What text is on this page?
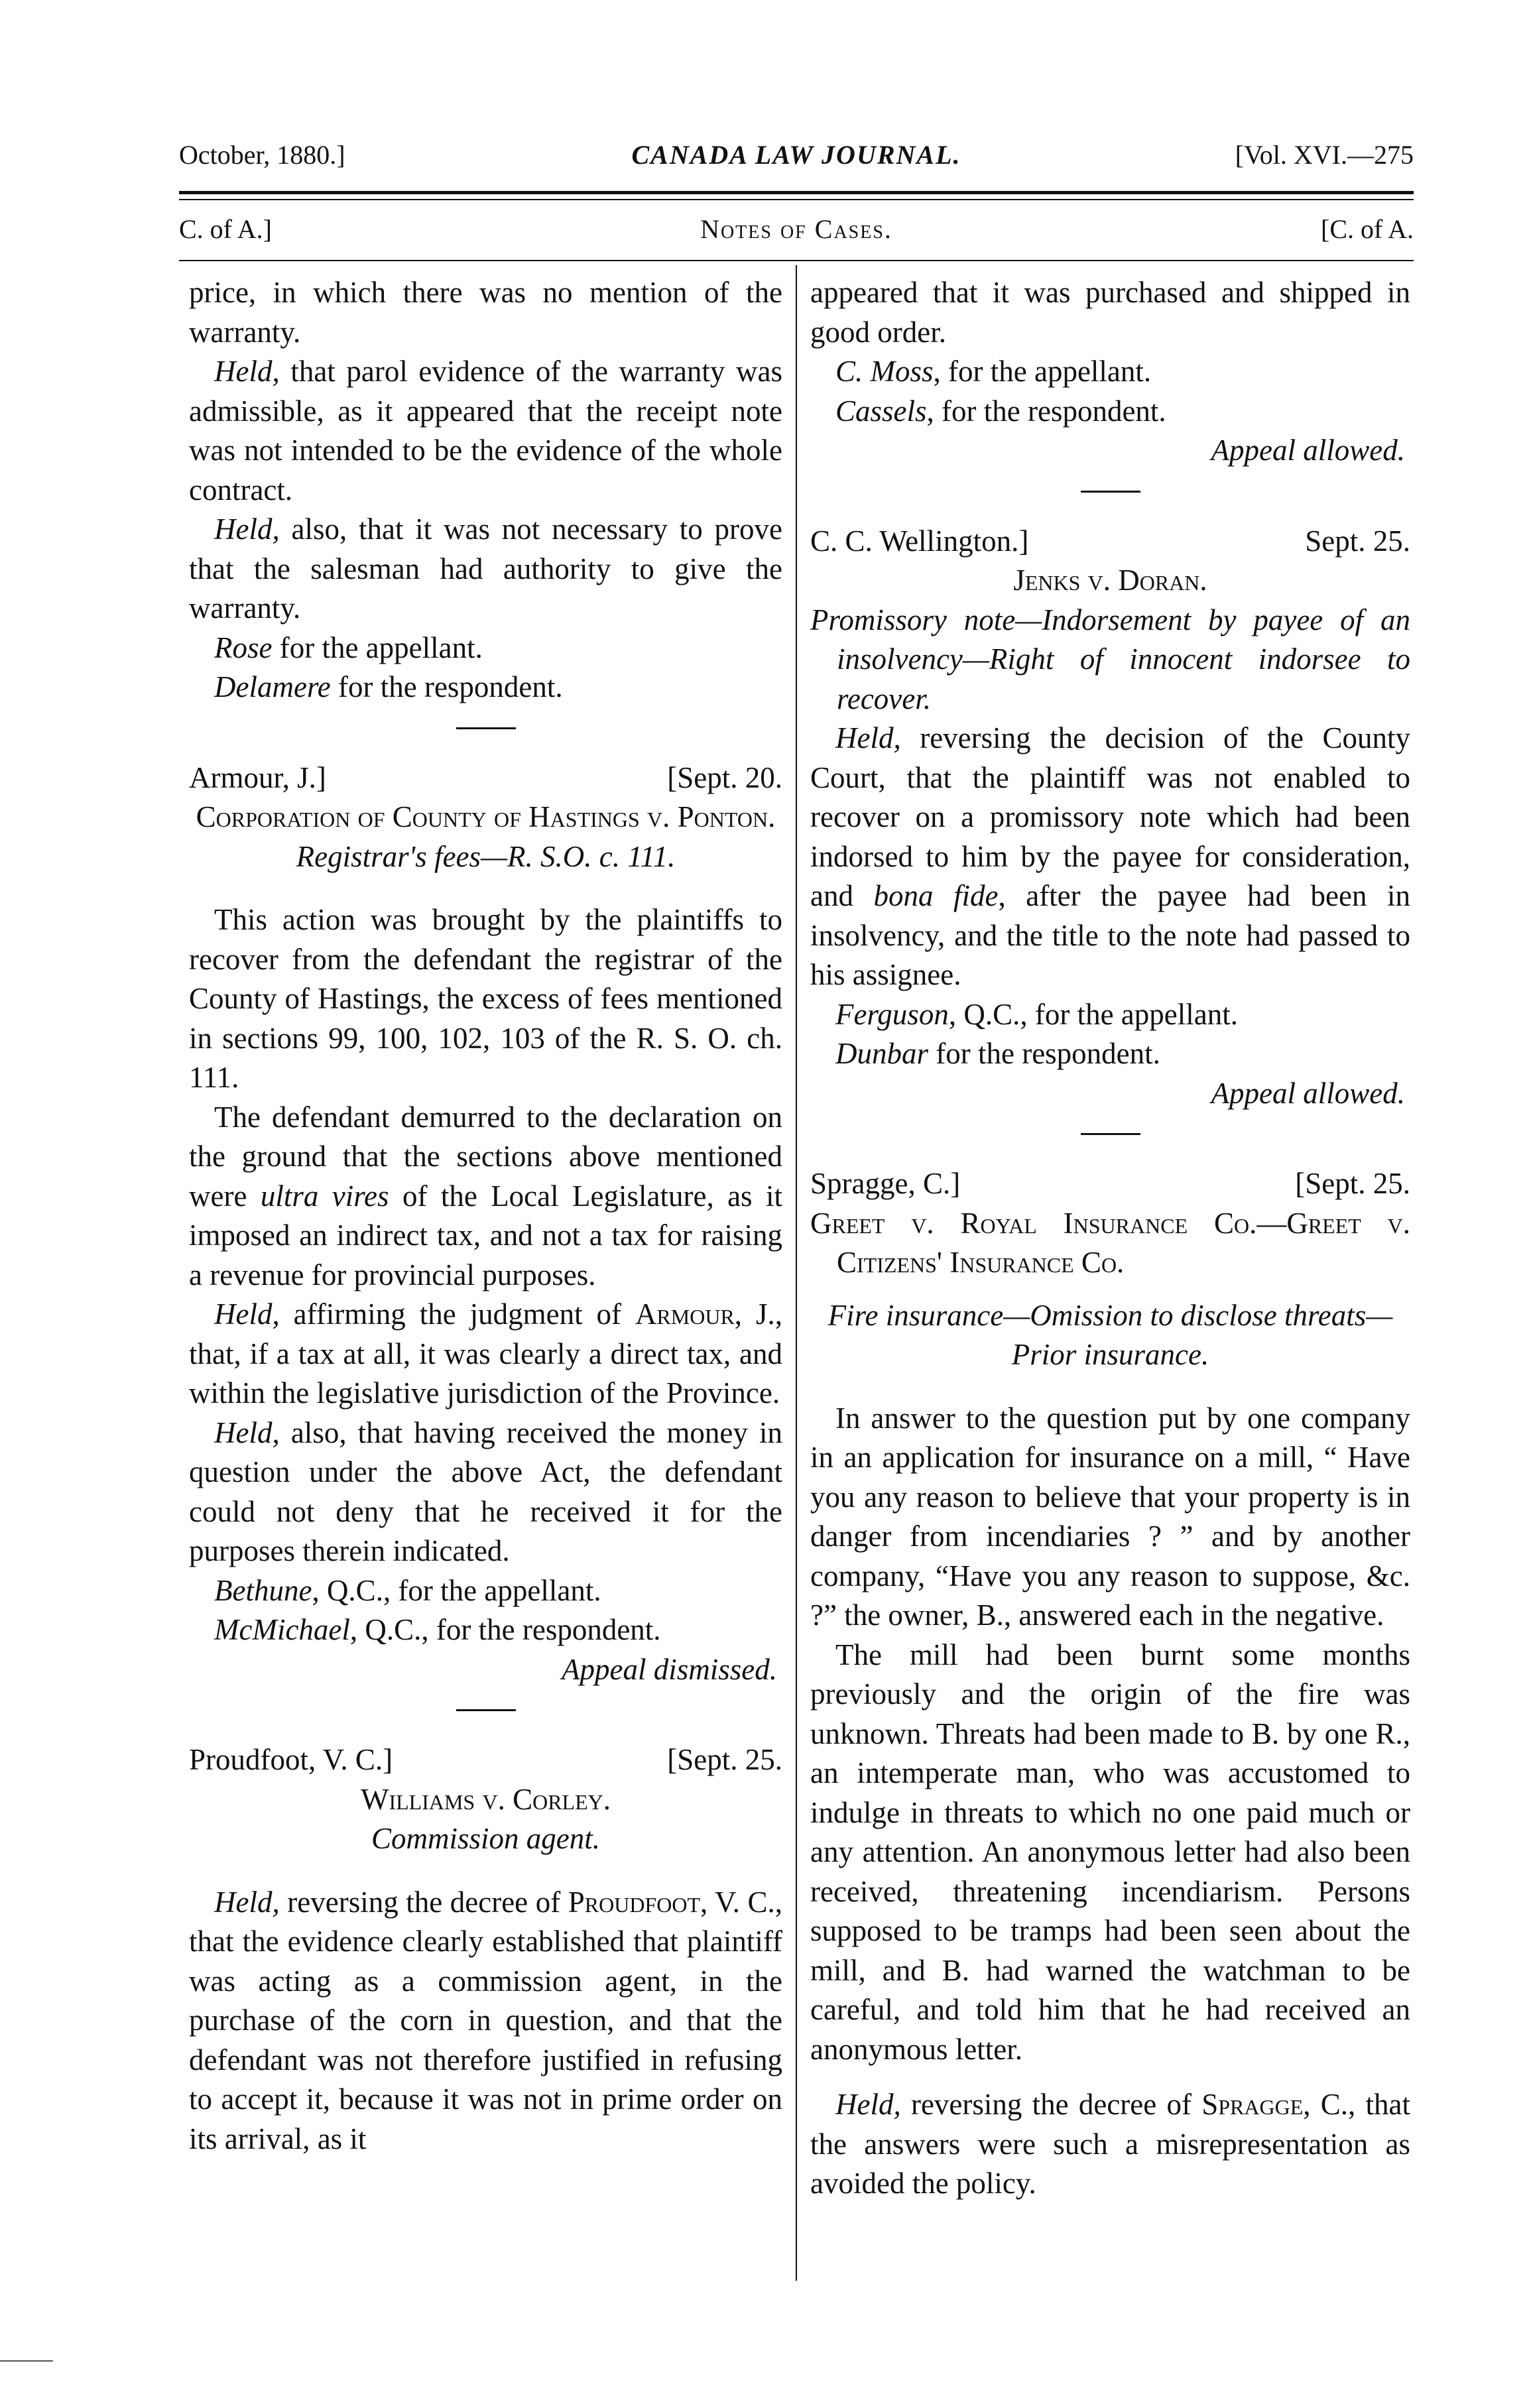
October, 1880.]	CANADA LAW JOURNAL.	[Vol. XVI.—275
C. of A.]	Notes of Cases.	[C. of A.

price, in which there was no mention of the warranty.

Held, that parol evidence of the warranty was admissible, as it appeared that the receipt note was not intended to be the evidence of the whole contract.

Held, also, that it was not necessary to prove that the salesman had authority to give the warranty.

Rose for the appellant.

Delamere for the respondent.

Armour, J.]	[Sept. 20.

Corporation of County of Hastings v. Ponton.

Registrar's fees—R. S.O. c. 111.

This action was brought by the plaintiffs to recover from the defendant the registrar of the County of Hastings, the excess of fees mentioned in sections 99, 100, 102, 103 of the R. S. O. ch. 111.

The defendant demurred to the declaration on the ground that the sections above mentioned were ultra vires of the Local Legislature, as it imposed an indirect tax, and not a tax for raising a revenue for provincial purposes.

Held, affirming the judgment of Armour, J., that, if a tax at all, it was clearly a direct tax, and within the legislative jurisdiction of the Province.

Held, also, that having received the money in question under the above Act, the defendant could not deny that he received it for the purposes therein indicated.

Bethune, Q.C., for the appellant.

McMichael, Q.C., for the respondent.

Appeal dismissed.

Proudfoot, V. C.]	[Sept. 25.

Williams v. Corley.

Commission agent.

Held, reversing the decree of Proudfoot, V. C., that the evidence clearly established that plaintiff was acting as a commission agent, in the purchase of the corn in question, and that the defendant was not therefore justified in refusing to accept it, because it was not in prime order on its arrival, as it

appeared that it was purchased and shipped in good order.

C. Moss, for the appellant.

Cassels, for the respondent.

Appeal allowed.

C. C. Wellington.]	Sept. 25.

Jenks v. Doran.

Promissory note—Indorsement by payee of an insolvency—Right of innocent indorsee to recover.

Held, reversing the decision of the County Court, that the plaintiff was not enabled to recover on a promissory note which had been indorsed to him by the payee for consideration, and bona fide, after the payee had been in insolvency, and the title to the note had passed to his assignee.

Ferguson, Q.C., for the appellant.

Dunbar for the respondent.

Appeal allowed.

Spragge, C.]	[Sept. 25.

Greet v. Royal Insurance Co.—Greet v. Citizens' Insurance Co.

Fire insurance—Omission to disclose threats—Prior insurance.

In answer to the question put by one company in an application for insurance on a mill, “ Have you any reason to believe that your property is in danger from incendiaries ? ” and by another company, “Have you any reason to suppose, &c. ?” the owner, B., answered each in the negative.

The mill had been burnt some months previously and the origin of the fire was unknown. Threats had been made to B. by one R., an intemperate man, who was accustomed to indulge in threats to which no one paid much or any attention. An anonymous letter had also been received, threatening incendiarism. Persons supposed to be tramps had been seen about the mill, and B. had warned the watchman to be careful, and told him that he had received an anonymous letter.

Held, reversing the decree of Spragge, C., that the answers were such a misrepresentation as avoided the policy.
